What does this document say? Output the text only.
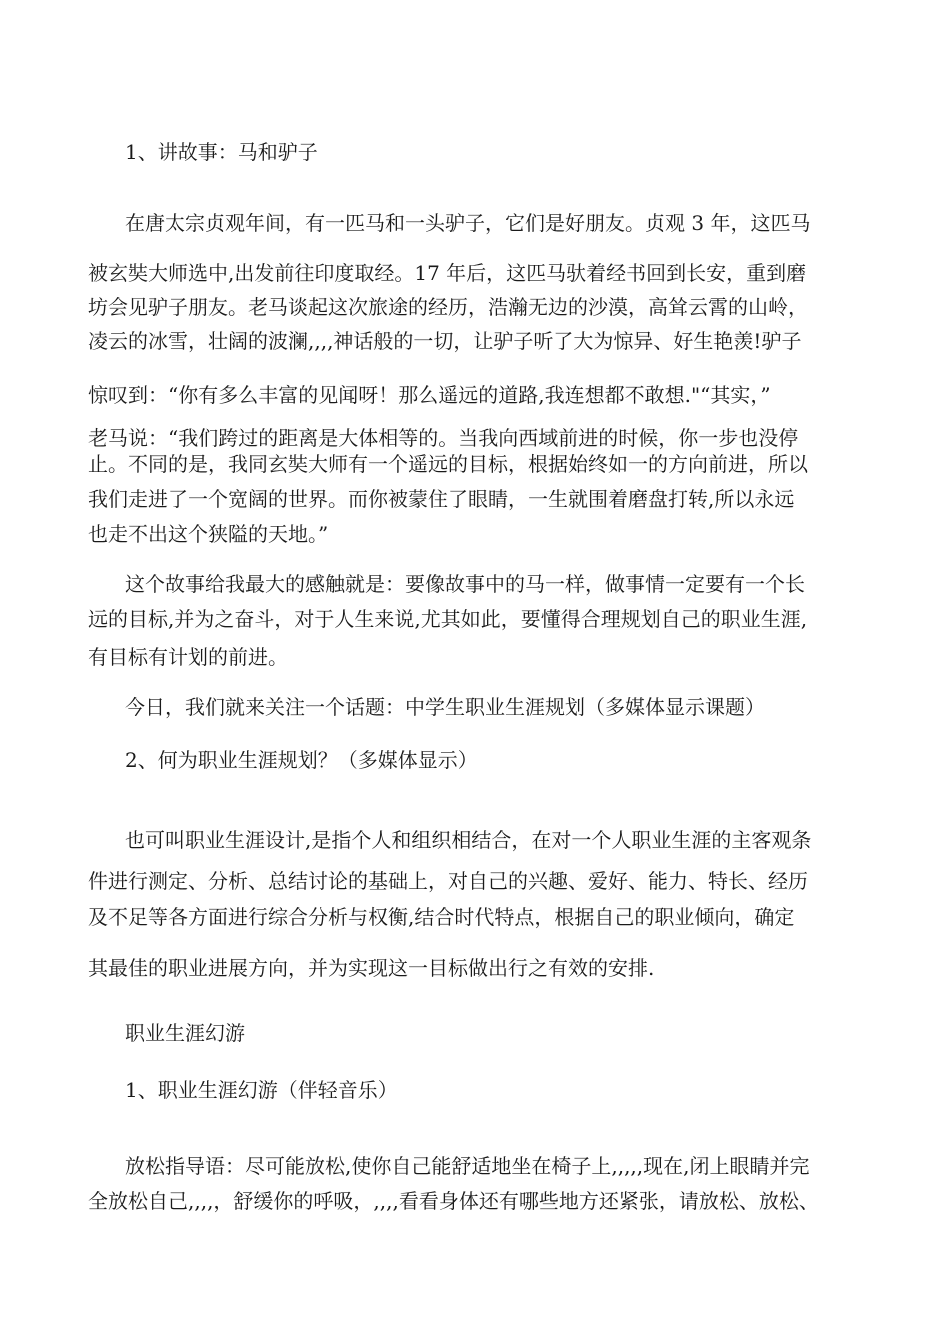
1、讲故事：马和驴子
在唐太宗贞观年间，有一匹马和一头驴子，它们是好朋友。贞观 3 年，这匹马
被玄奘大师选中,出发前往印度取经。17 年后，这匹马驮着经书回到长安，重到磨
坊会见驴子朋友。老马谈起这次旅途的经历，浩瀚无边的沙漠，高耸云霄的山岭，
凌云的冰雪，壮阔的波澜,,,,神话般的一切，让驴子听了大为惊异、好生艳羡!驴子
惊叹到：“你有多么丰富的见闻呀！那么遥远的道路,我连想都不敢想."“其实，”
老马说：“我们跨过的距离是大体相等的。当我向西域前进的时候，你一步也没停
止。不同的是，我同玄奘大师有一个遥远的目标，根据始终如一的方向前进，所以
我们走进了一个宽阔的世界。而你被蒙住了眼睛，一生就围着磨盘打转,所以永远
也走不出这个狭隘的天地。”
这个故事给我最大的感触就是：要像故事中的马一样，做事情一定要有一个长
远的目标,并为之奋斗，对于人生来说,尤其如此，要懂得合理规划自己的职业生涯,
有目标有计划的前进。
今日，我们就来关注一个话题：中学生职业生涯规划（多媒体显示课题）
2、何为职业生涯规划？（多媒体显示）
也可叫职业生涯设计,是指个人和组织相结合，在对一个人职业生涯的主客观条
件进行测定、分析、总结讨论的基础上，对自己的兴趣、爱好、能力、特长、经历
及不足等各方面进行综合分析与权衡,结合时代特点，根据自己的职业倾向，确定
其最佳的职业进展方向，并为实现这一目标做出行之有效的安排.
职业生涯幻游
1、职业生涯幻游（伴轻音乐）
放松指导语：尽可能放松,使你自己能舒适地坐在椅子上,,,,,现在,闭上眼睛并完
全放松自己,,,,，舒缓你的呼吸，,,,,看看身体还有哪些地方还紧张，请放松、放松、
